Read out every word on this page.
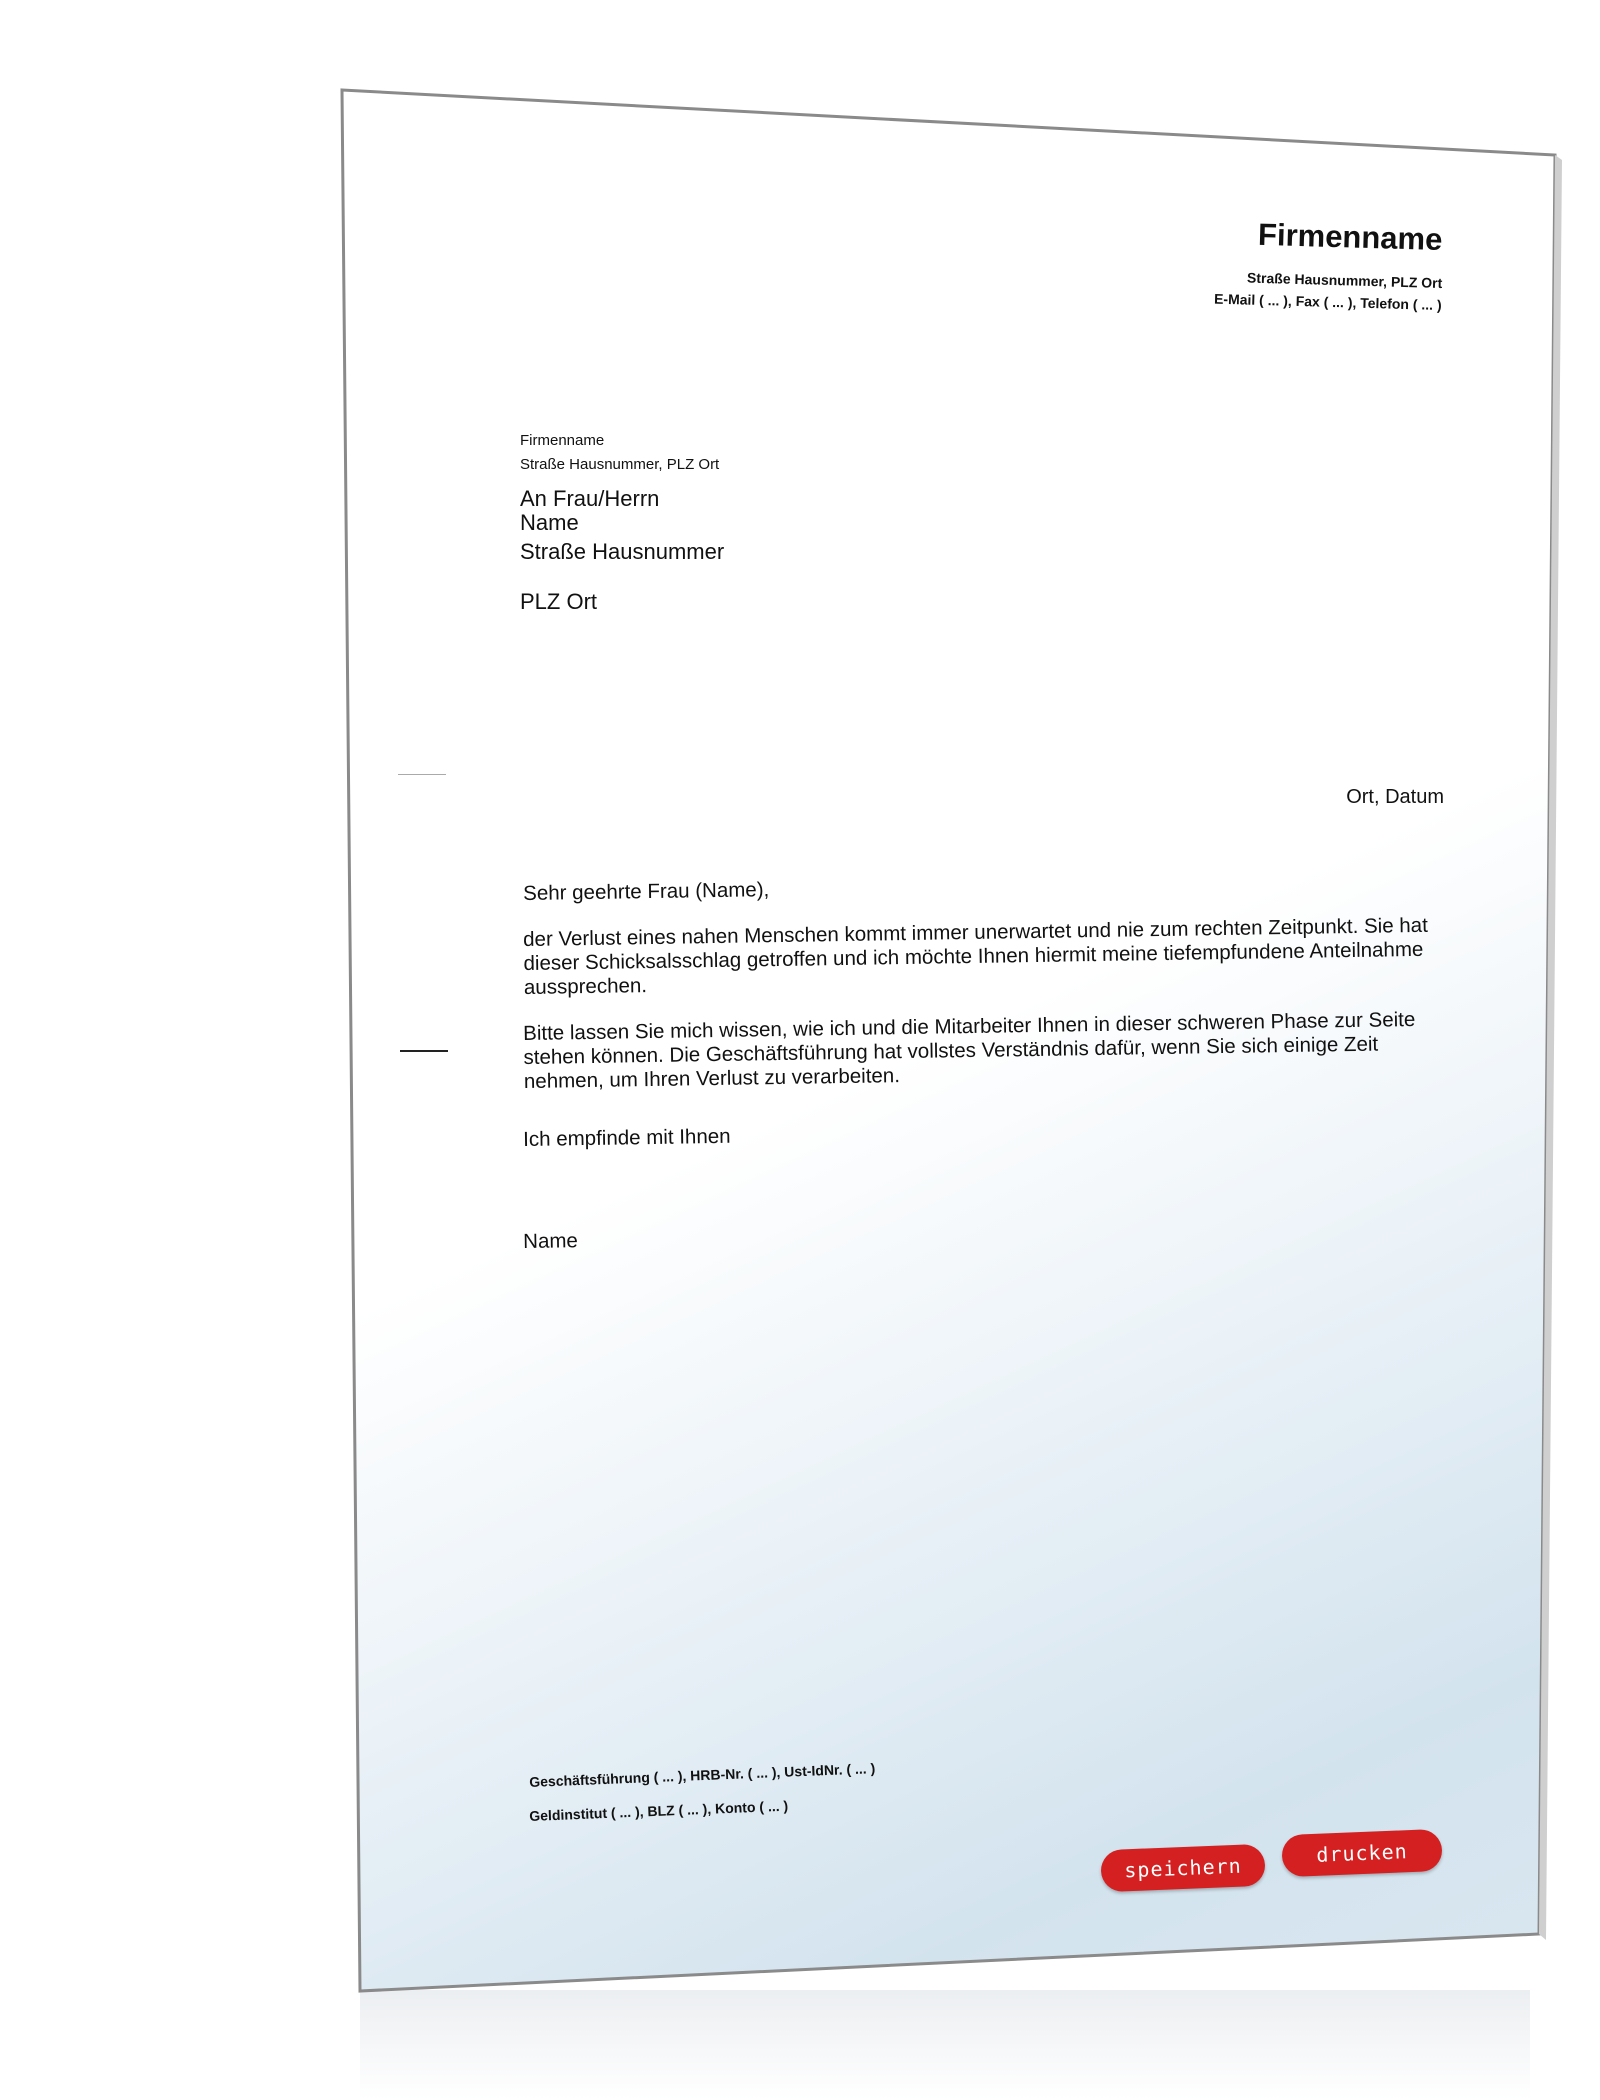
Firmenname
Straße Hausnummer, PLZ Ort
E-Mail ( ... ), Fax ( ... ), Telefon ( ... )
Firmenname
Straße Hausnummer, PLZ Ort
An Frau/Herrn
Name
Straße Hausnummer
PLZ Ort
Ort, Datum
Sehr geehrte Frau (Name),
der Verlust eines nahen Menschen kommt immer unerwartet und nie zum rechten Zeitpunkt. Sie hat dieser Schicksalsschlag getroffen und ich möchte Ihnen hiermit meine tiefempfundene Anteilnahme aussprechen.
Bitte lassen Sie mich wissen, wie ich und die Mitarbeiter Ihnen in dieser schweren Phase zur Seite stehen können. Die Geschäftsführung hat vollstes Verständnis dafür, wenn Sie sich einige Zeit nehmen, um Ihren Verlust zu verarbeiten.
Ich empfinde mit Ihnen
Name
Geschäftsführung ( ... ), HRB-Nr. ( ... ), Ust-IdNr. ( ... )
Geldinstitut ( ... ), BLZ ( ... ), Konto ( ... )
speichern
drucken
